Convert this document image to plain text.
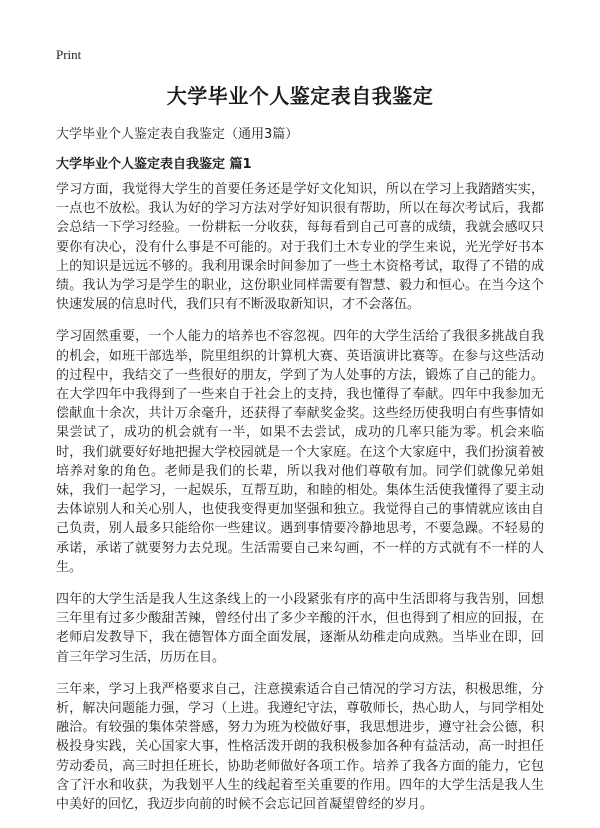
Print
大学毕业个人鉴定表自我鉴定

大学毕业个人鉴定表自我鉴定（通用3篇）

大学毕业个人鉴定表自我鉴定 篇1

学习方面，我觉得大学生的首要任务还是学好文化知识，所以在学习上我踏踏实实，一点也不放松。我认为好的学习方法对学好知识很有帮助，所以在每次考试后，我都会总结一下学习经验。一份耕耘一分收获，每每看到自己可喜的成绩，我就会感叹只要你有决心，没有什么事是不可能的。对于我们土木专业的学生来说，光光学好书本上的知识是远远不够的。我利用课余时间参加了一些土木资格考试，取得了不错的成绩。我认为学习是学生的职业，这份职业同样需要有智慧、毅力和恒心。在当今这个快速发展的信息时代，我们只有不断汲取新知识，才不会落伍。

学习固然重要，一个人能力的培养也不容忽视。四年的大学生活给了我很多挑战自我的机会，如班干部选举，院里组织的计算机大赛、英语演讲比赛等。在参与这些活动的过程中，我结交了一些很好的朋友，学到了为人处事的方法，锻炼了自己的能力。在大学四年中我得到了一些来自于社会上的支持，我也懂得了奉献。四年中我参加无偿献血十余次，共计万余毫升，还获得了奉献奖金奖。这些经历使我明白有些事情如果尝试了，成功的机会就有一半，如果不去尝试，成功的几率只能为零。机会来临时，我们就要好好地把握大学校园就是一个大家庭。在这个大家庭中，我们扮演着被培养对象的角色。老师是我们的长辈，所以我对他们尊敬有加。同学们就像兄弟姐妹，我们一起学习，一起娱乐，互帮互助，和睦的相处。集体生活使我懂得了要主动去体谅别人和关心别人，也使我变得更加坚强和独立。我觉得自己的事情就应该由自己负责，别人最多只能给你一些建议。遇到事情要冷静地思考，不要急躁。不轻易的承诺，承诺了就要努力去兑现。生活需要自己来勾画，不一样的方式就有不一样的人生。

四年的大学生活是我人生这条线上的一小段紧张有序的高中生活即将与我告别，回想三年里有过多少酸甜苦辣，曾经付出了多少辛酸的汗水，但也得到了相应的回报，在老师启发教导下，我在德智体方面全面发展，逐渐从幼稚走向成熟。当毕业在即，回首三年学习生活，历历在目。

三年来，学习上我严格要求自己，注意摸索适合自己情况的学习方法，积极思维，分析，解决问题能力强，学习（上进。我遵纪守法，尊敬师长，热心助人，与同学相处融洽。有较强的集体荣誉感，努力为班为校做好事，我思想进步，遵守社会公德，积极投身实践，关心国家大事，性格活泼开朗的我积极参加各种有益活动，高一时担任劳动委员，高三时担任班长，协助老师做好各项工作。培养了我各方面的能力，它包含了汗水和收获，为我划平人生的线起着至关重要的作用。四年的大学生活是我人生中美好的回忆，我迈步向前的时候不会忘记回首凝望曾经的岁月。
